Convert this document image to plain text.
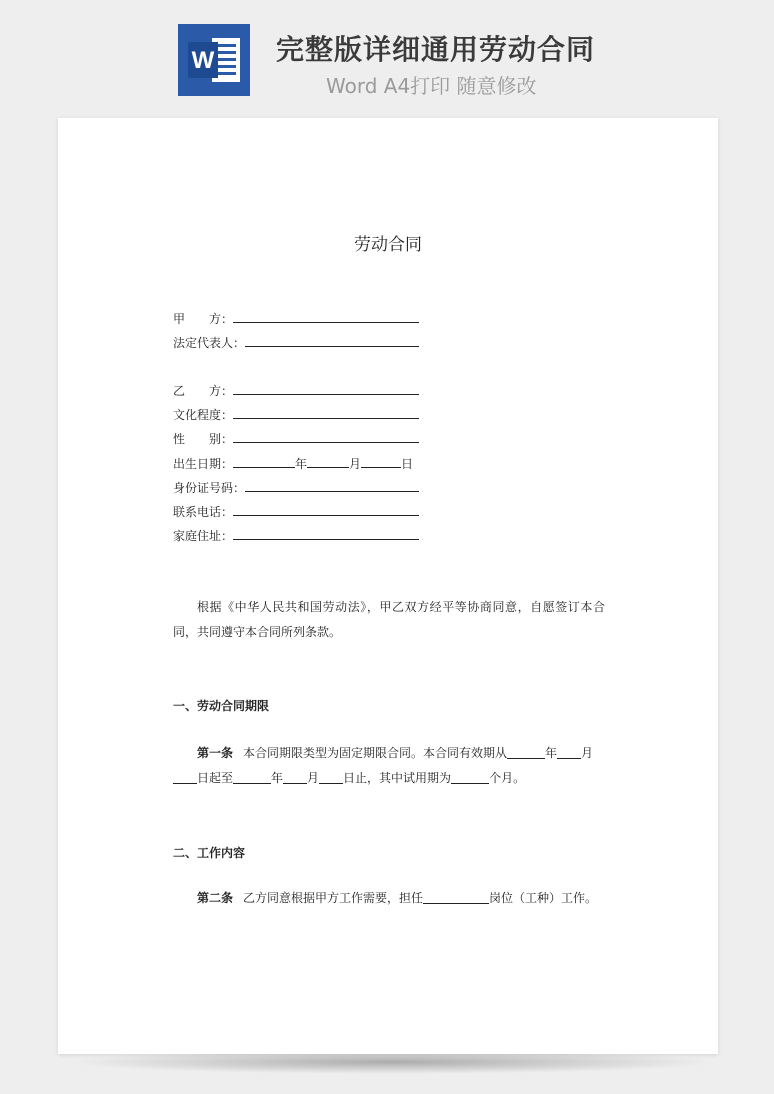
W 完整版详细通用劳动合同
Word A4打印 随意修改
劳动合同
甲　　方：
法定代表人：
乙　　方：
文化程度：
性　　别：
出生日期：	年	月	日
身份证号码：
联系电话：
家庭住址：
根据《中华人民共和国劳动法》，甲乙双方经平等协商同意，自愿签订本合同，共同遵守本合同所列条款。
一、劳动合同期限
第一条 本合同期限类型为固定期限合同。本合同有效期从	年 月日起至	年 月 日止，其中试用期为	个月。
二、工作内容
第二条 乙方同意根据甲方工作需要，担任	岗位（工种）工作。
